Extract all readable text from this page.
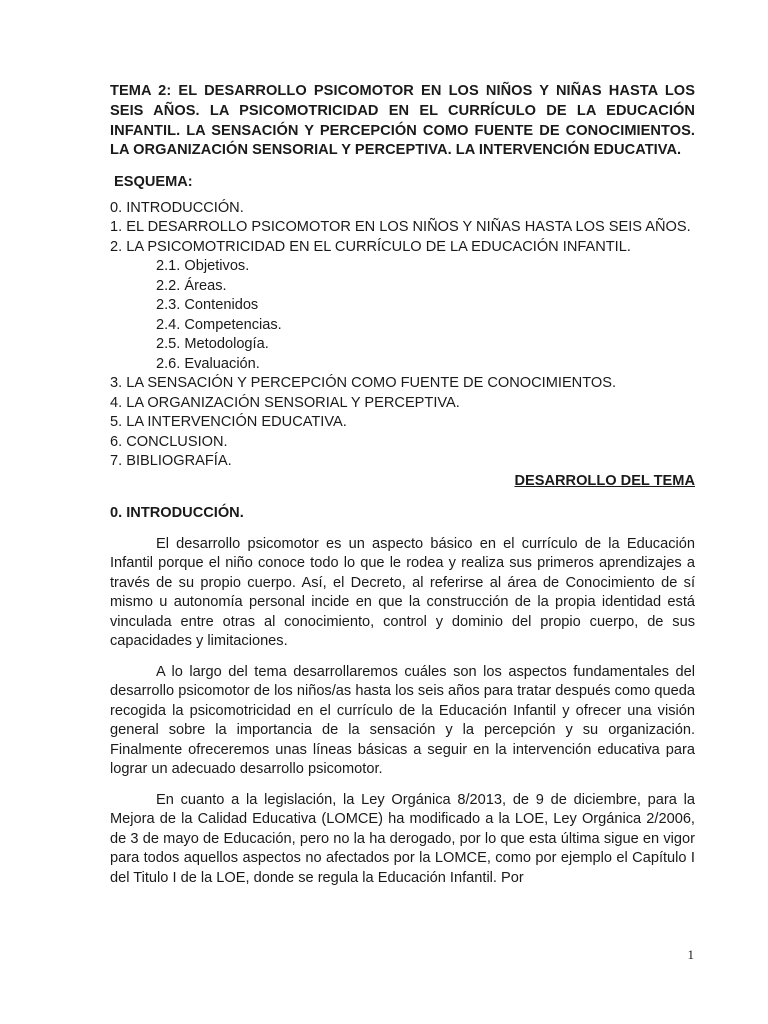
TEMA 2: EL DESARROLLO PSICOMOTOR EN LOS NIÑOS Y NIÑAS HASTA LOS SEIS AÑOS. LA PSICOMOTRICIDAD EN EL CURRÍCULO DE LA EDUCACIÓN INFANTIL. LA SENSACIÓN Y PERCEPCIÓN COMO FUENTE DE CONOCIMIENTOS. LA ORGANIZACIÓN SENSORIAL Y PERCEPTIVA. LA INTERVENCIÓN EDUCATIVA.

ESQUEMA:

0. INTRODUCCIÓN.
1. EL DESARROLLO PSICOMOTOR EN LOS NIÑOS Y NIÑAS HASTA LOS SEIS AÑOS.
2. LA PSICOMOTRICIDAD EN EL CURRÍCULO DE LA EDUCACIÓN INFANTIL.
2.1. Objetivos.
2.2. Áreas.
2.3. Contenidos
2.4. Competencias.
2.5. Metodología.
2.6. Evaluación.
3. LA SENSACIÓN Y PERCEPCIÓN COMO FUENTE DE CONOCIMIENTOS.
4. LA ORGANIZACIÓN SENSORIAL Y PERCEPTIVA.
5. LA INTERVENCIÓN EDUCATIVA.
6. CONCLUSION.
7. BIBLIOGRAFÍA.

DESARROLLO DEL TEMA

0. INTRODUCCIÓN.

El desarrollo psicomotor es un aspecto básico en el currículo de la Educación Infantil porque el niño conoce todo lo que le rodea y realiza sus primeros aprendizajes a través de su propio cuerpo. Así, el Decreto, al referirse al área de Conocimiento de sí mismo u autonomía personal incide en que la construcción de la propia identidad está vinculada entre otras al conocimiento, control y dominio del propio cuerpo, de sus capacidades y limitaciones.

A lo largo del tema desarrollaremos cuáles son los aspectos fundamentales del desarrollo psicomotor de los niños/as hasta los seis años para tratar después como queda recogida la psicomotricidad en el currículo de la Educación Infantil y ofrecer una visión general sobre la importancia de la sensación y la percepción y su organización. Finalmente ofreceremos unas líneas básicas a seguir en la intervención educativa para lograr un adecuado desarrollo psicomotor.

En cuanto a la legislación, la Ley Orgánica 8/2013, de 9 de diciembre, para la Mejora de la Calidad Educativa (LOMCE) ha modificado a la LOE, Ley Orgánica 2/2006, de 3 de mayo de Educación, pero no la ha derogado, por lo que esta última sigue en vigor para todos aquellos aspectos no afectados por la LOMCE, como por ejemplo el Capítulo I del Titulo I de la LOE, donde se regula la Educación Infantil. Por

1
